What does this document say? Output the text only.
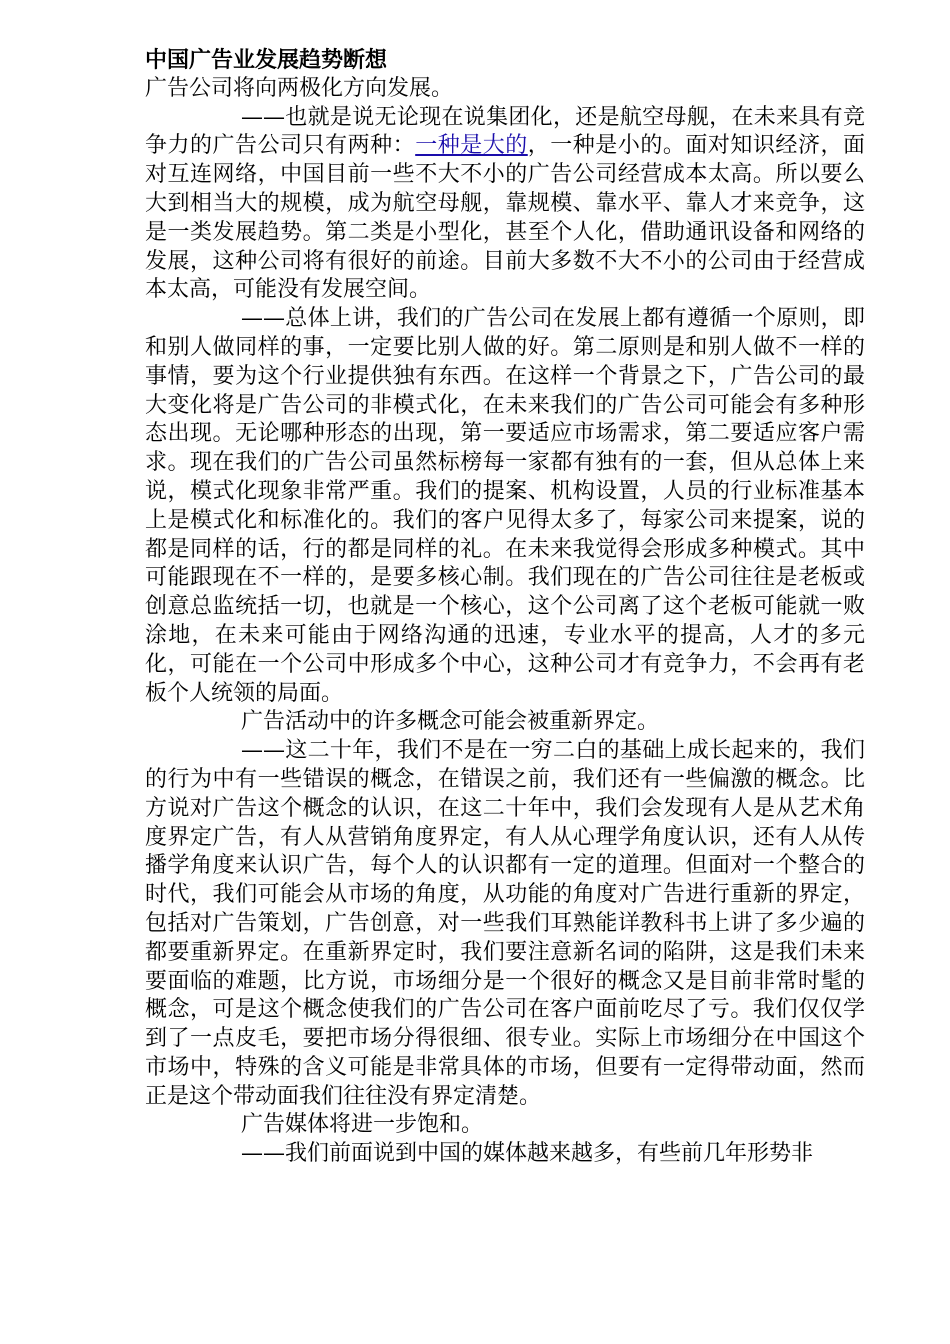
中国广告业发展趋势断想

广告公司将向两极化方向发展。

——也就是说无论现在说集团化，还是航空母舰，在未来具有竞争力的广告公司只有两种：一种是大的，一种是小的。面对知识经济，面对互连网络，中国目前一些不大不小的广告公司经营成本太高。所以要么大到相当大的规模，成为航空母舰，靠规模、靠水平、靠人才来竞争，这是一类发展趋势。第二类是小型化，甚至个人化，借助通讯设备和网络的发展，这种公司将有很好的前途。目前大多数不大不小的公司由于经营成本太高，可能没有发展空间。

——总体上讲，我们的广告公司在发展上都有遵循一个原则，即和别人做同样的事，一定要比别人做的好。第二原则是和别人做不一样的事情，要为这个行业提供独有东西。在这样一个背景之下，广告公司的最大变化将是广告公司的非模式化，在未来我们的广告公司可能会有多种形态出现。无论哪种形态的出现，第一要适应市场需求，第二要适应客户需求。现在我们的广告公司虽然标榜每一家都有独有的一套，但从总体上来说，模式化现象非常严重。我们的提案、机构设置，人员的行业标准基本上是模式化和标准化的。我们的客户见得太多了，每家公司来提案，说的都是同样的话，行的都是同样的礼。在未来我觉得会形成多种模式。其中可能跟现在不一样的，是要多核心制。我们现在的广告公司往往是老板或创意总监统括一切，也就是一个核心，这个公司离了这个老板可能就一败涂地，在未来可能由于网络沟通的迅速，专业水平的提高，人才的多元化，可能在一个公司中形成多个中心，这种公司才有竞争力，不会再有老板个人统领的局面。

广告活动中的许多概念可能会被重新界定。

——这二十年，我们不是在一穷二白的基础上成长起来的，我们的行为中有一些错误的概念，在错误之前，我们还有一些偏激的概念。比方说对广告这个概念的认识，在这二十年中，我们会发现有人是从艺术角度界定广告，有人从营销角度界定，有人从心理学角度认识，还有人从传播学角度来认识广告，每个人的认识都有一定的道理。但面对一个整合的时代，我们可能会从市场的角度，从功能的角度对广告进行重新的界定，包括对广告策划，广告创意，对一些我们耳熟能详教科书上讲了多少遍的都要重新界定。在重新界定时，我们要注意新名词的陷阱，这是我们未来要面临的难题，比方说，市场细分是一个很好的概念又是目前非常时髦的概念，可是这个概念使我们的广告公司在客户面前吃尽了亏。我们仅仅学到了一点皮毛，要把市场分得很细、很专业。实际上市场细分在中国这个市场中，特殊的含义可能是非常具体的市场，但要有一定得带动面，然而正是这个带动面我们往往没有界定清楚。

广告媒体将进一步饱和。

——我们前面说到中国的媒体越来越多，有些前几年形势非
